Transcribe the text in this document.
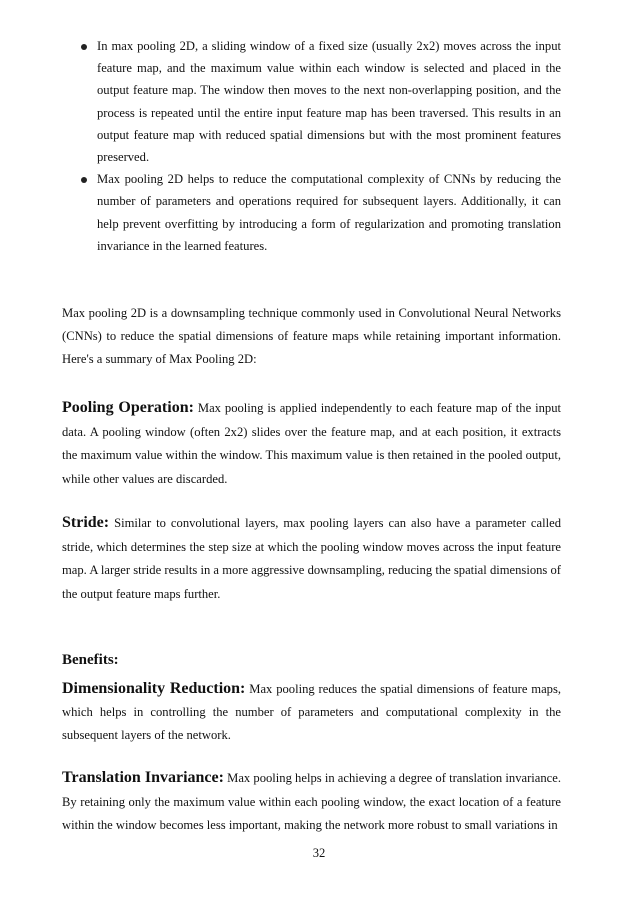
In max pooling 2D, a sliding window of a fixed size (usually 2x2) moves across the input feature map, and the maximum value within each window is selected and placed in the output feature map. The window then moves to the next non-overlapping position, and the process is repeated until the entire input feature map has been traversed. This results in an output feature map with reduced spatial dimensions but with the most prominent features preserved.
Max pooling 2D helps to reduce the computational complexity of CNNs by reducing the number of parameters and operations required for subsequent layers. Additionally, it can help prevent overfitting by introducing a form of regularization and promoting translation invariance in the learned features.

Max pooling 2D is a downsampling technique commonly used in Convolutional Neural Networks (CNNs) to reduce the spatial dimensions of feature maps while retaining important information. Here's a summary of Max Pooling 2D:

Pooling Operation: Max pooling is applied independently to each feature map of the input data. A pooling window (often 2x2) slides over the feature map, and at each position, it extracts the maximum value within the window. This maximum value is then retained in the pooled output, while other values are discarded.

Stride: Similar to convolutional layers, max pooling layers can also have a parameter called stride, which determines the step size at which the pooling window moves across the input feature map. A larger stride results in a more aggressive downsampling, reducing the spatial dimensions of the output feature maps further.

Benefits:

Dimensionality Reduction: Max pooling reduces the spatial dimensions of feature maps, which helps in controlling the number of parameters and computational complexity in the subsequent layers of the network.

Translation Invariance: Max pooling helps in achieving a degree of translation invariance. By retaining only the maximum value within each pooling window, the exact location of a feature within the window becomes less important, making the network more robust to small variations in

32
